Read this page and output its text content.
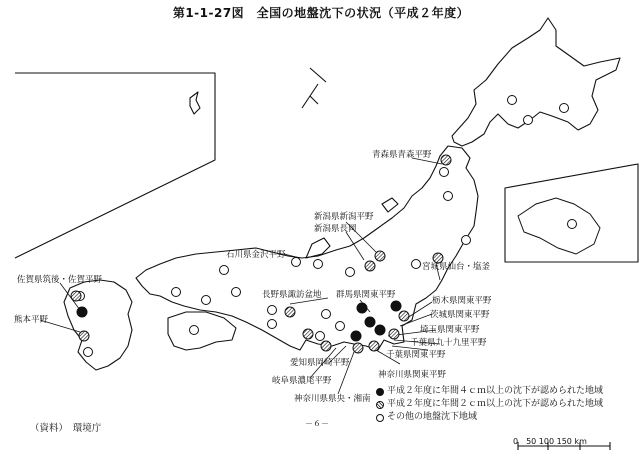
第1-1-27図　全国の地盤沈下の状況（平成２年度）
青森県青森平野
新潟県新潟平野
新潟県長岡
石川県金沢平野
佐賀県筑後・佐賀平野
熊本平野
長野県諏訪盆地 群馬県関東平野
宮城県仙台・塩釜
栃木県関東平野
茨城県関東平野
埼玉県関東平野
千葉県九十九里平野
千葉県関東平野
神奈川県関東平野
愛知県岡崎平野
岐阜県濃尾平野
神奈川県県央・湘南
平成２年度に年間４ｃｍ以上の沈下が認められた地域
平成２年度に年間２ｃｍ以上の沈下が認められた地域
その他の地盤沈下地域
（資料）　環境庁	－６－
0　50 100 150 km
